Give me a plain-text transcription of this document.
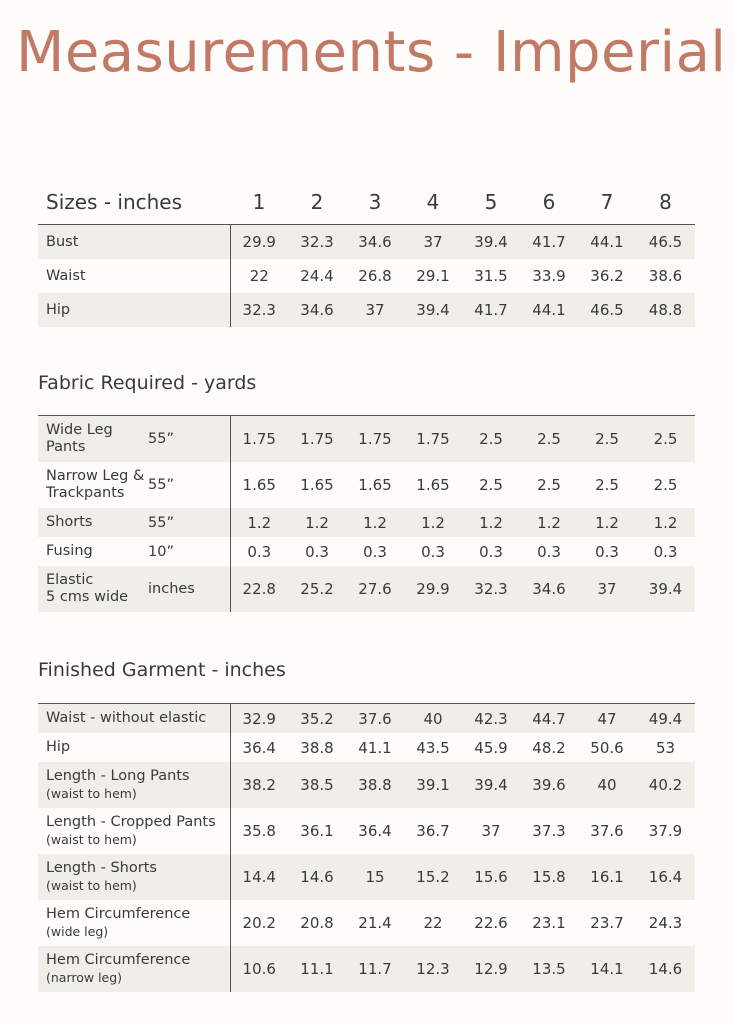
Measurements - Imperial
Sizes - inches	1	2	3	4	5	6	7	8
Bust	29.9	32.3	34.6	37	39.4	41.7	44.1	46.5
Waist	22	24.4	26.8	29.1	31.5	33.9	36.2	38.6
Hip	32.3	34.6	37	39.4	41.7	44.1	46.5	48.8
Fabric Required - yards
Wide Leg
Pants	55”	1.75	1.75	1.75	1.75	2.5	2.5	2.5	2.5

Narrow Leg &
Trackpants	55”	1.65	1.65	1.65	1.65	2.5	2.5	2.5	2.5

Shorts	55”	1.2	1.2	1.2	1.2	1.2	1.2	1.2	1.2

Fusing	10”	0.3	0.3	0.3	0.3	0.3	0.3	0.3	0.3

Elastic
5 cms wide	inches	22.8	25.2	27.6	29.9	32.3	34.6	37	39.4
Finished Garment - inches
Waist - without elastic	32.9	35.2	37.6	40	42.3	44.7	47	49.4

Hip	36.4	38.8	41.1	43.5	45.9	48.2	50.6	53

Length - Long Pants
(waist to hem)	38.2	38.5	38.8	39.1	39.4	39.6	40	40.2

Length - Cropped Pants
(waist to hem)	35.8	36.1	36.4	36.7	37	37.3	37.6	37.9

Length - Shorts
(waist to hem)	14.4	14.6	15	15.2	15.6	15.8	16.1	16.4

Hem Circumference
(wide leg)	20.2	20.8	21.4	22	22.6	23.1	23.7	24.3

Hem Circumference
(narrow leg)	10.6	11.1	11.7	12.3	12.9	13.5	14.1	14.6
